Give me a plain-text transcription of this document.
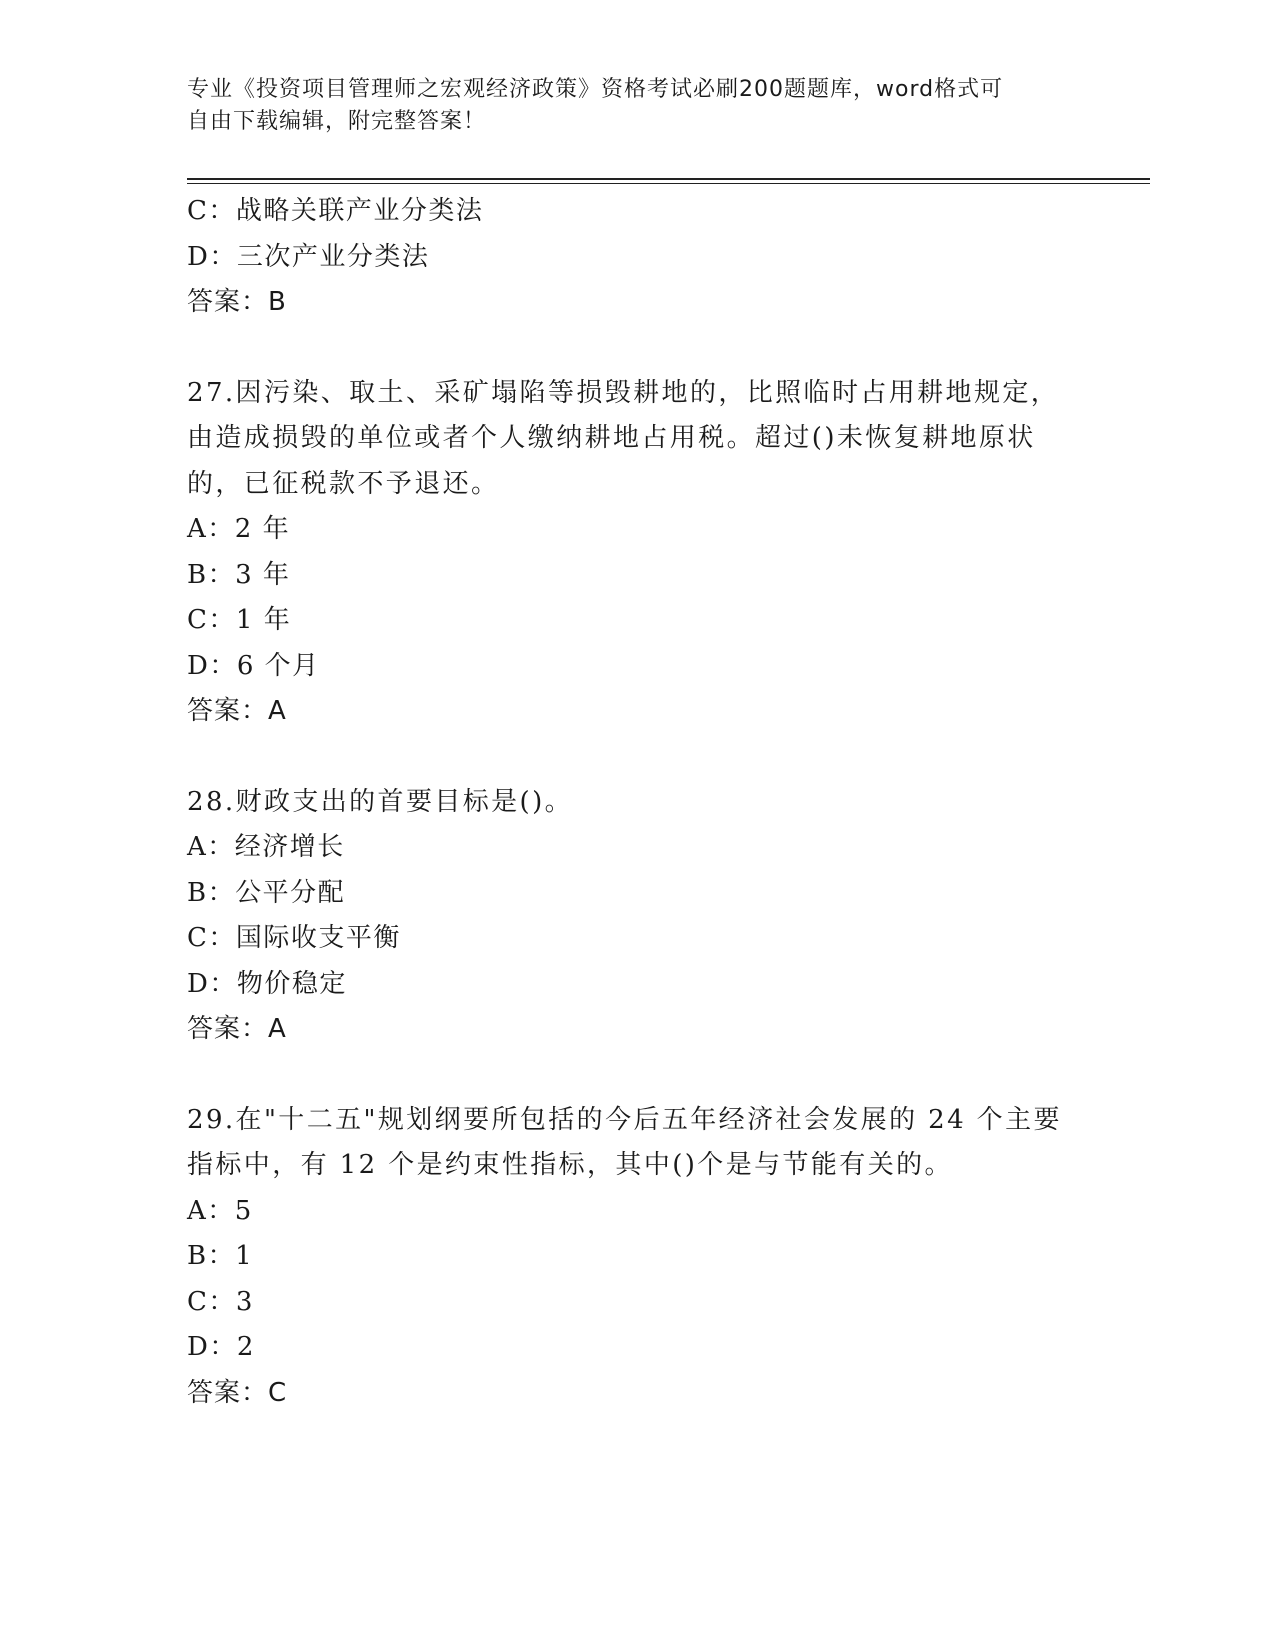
专业《投资项目管理师之宏观经济政策》资格考试必刷200题题库，word格式可
自由下载编辑，附完整答案！
C：战略关联产业分类法
D：三次产业分类法
答案：B
27.因污染、取土、采矿塌陷等损毁耕地的，比照临时占用耕地规定，
由造成损毁的单位或者个人缴纳耕地占用税。超过()未恢复耕地原状
的，已征税款不予退还。
A：2 年
B：3 年
C：1 年
D：6 个月
答案：A
28.财政支出的首要目标是()。
A：经济增长
B：公平分配
C：国际收支平衡
D：物价稳定
答案：A
29.在"十二五"规划纲要所包括的今后五年经济社会发展的 24 个主要
指标中，有 12 个是约束性指标，其中()个是与节能有关的。
A：5
B：1
C：3
D：2
答案：C
